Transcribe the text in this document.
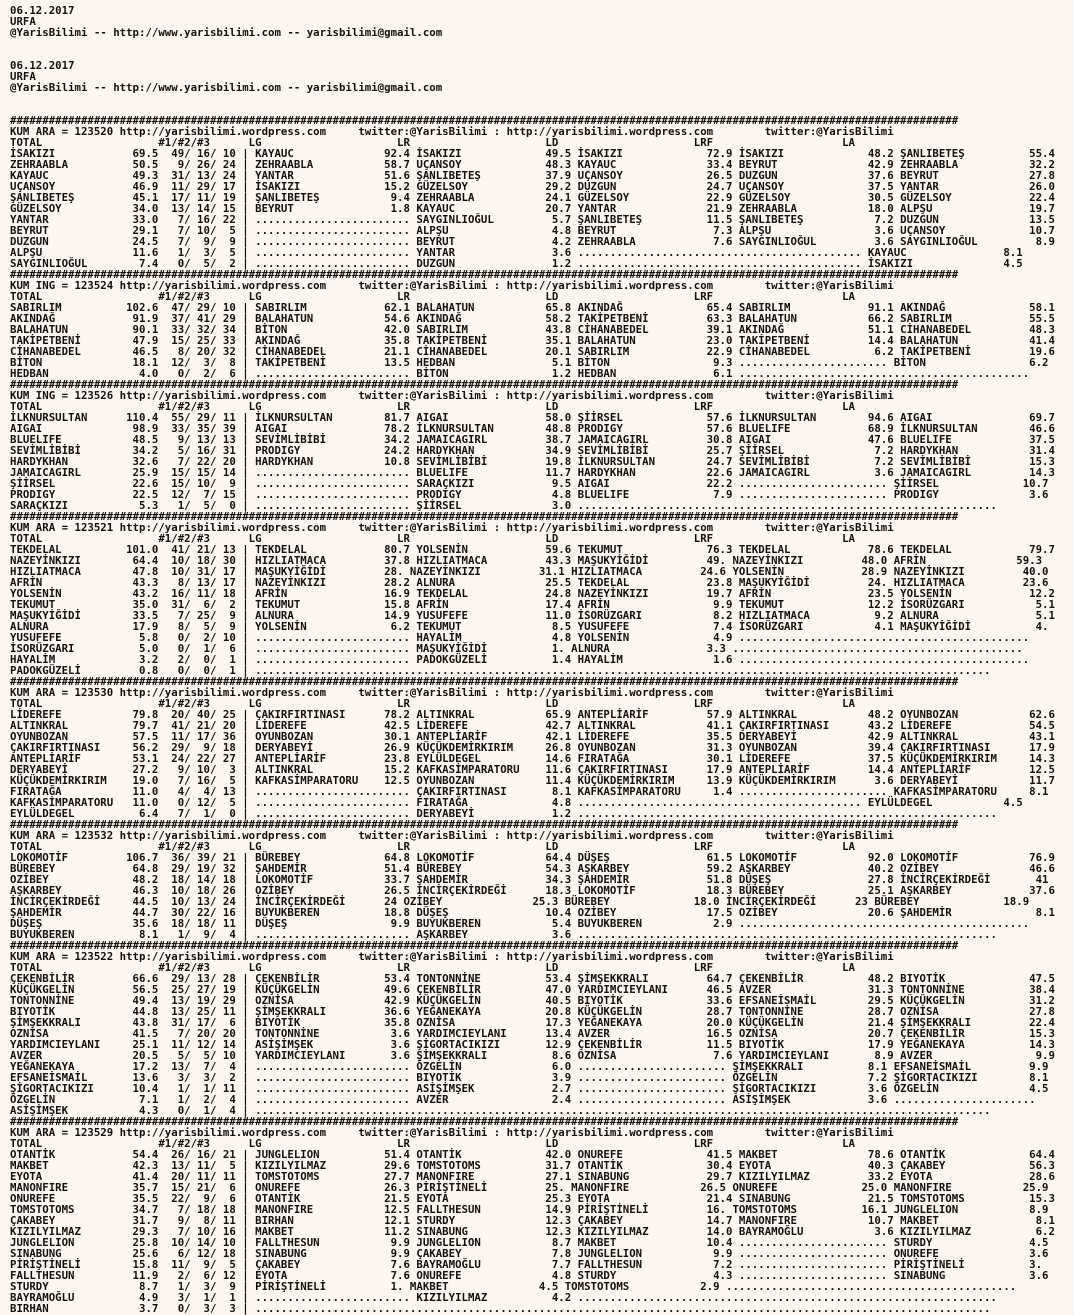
06.12.2017
URFA
@YarisBilimi -- http://www.yarisbilimi.com -- yarisbilimi@gmail.com

06.12.2017
URFA
@YarisBilimi -- http://www.yarisbilimi.com -- yarisbilimi@gmail.com

###################################################################################################################################################
KUM ARA = 123520 http://yarisbilimi.wordpress.com     twitter:@YarisBilimi : http://yarisbilimi.wordpress.com        twitter:@YarisBilimi
TOTAL                  #1/#2/#3      LG                     LR                     LD                     LRF                    LA
İSAKIZI            69.5  49/ 16/ 10 | KAYAUC              92.4 İSAKIZI             49.5 İSAKIZI             72.9 İSAKIZI             48.2 ŞANLIBETEŞ          55.4
ZEHRAABLA          50.5   9/ 26/ 24 | ZEHRAABLA           58.7 UÇANSOY             48.3 KAYAUC              33.4 BEYRUT              42.9 ZEHRAABLA           32.2
KAYAUC             49.3  31/ 13/ 24 | YANTAR              51.6 ŞANLIBETEŞ          37.9 UÇANSOY             26.5 DUZGUN              37.6 BEYRUT              27.8
UÇANSOY            46.9  11/ 29/ 17 | İSAKIZI             15.2 GÜZELSOY            29.2 DUZGUN              24.7 UÇANSOY             37.5 YANTAR              26.0
ŞANLIBETEŞ         45.1  17/ 11/ 19 | ŞANLIBETEŞ           9.4 ZEHRAABLA           24.1 GÜZELSOY            22.9 GÜZELSOY            30.5 GÜZELSOY            22.4
GÜZELSOY           34.0  13/ 14/ 15 | BEYRUT               1.8 KAYAUC              20.7 YANTAR              21.9 ZEHRAABLA           18.0 ALPŞU               19.7
YANTAR             33.0   7/ 16/ 22 | ........................ SAYGINLIOĞUL         5.7 ŞANLIBETEŞ          11.5 ŞANLIBETEŞ           7.2 DUZGUN              13.5
BEYRUT             29.1   7/ 10/  5 | ........................ ALPŞU                4.8 BEYRUT               7.3 ALPŞU                3.6 UÇANSOY             10.7
DUZGUN             24.5   7/  9/  9 | ........................ BEYRUT               4.2 ZEHRAABLA            7.6 SAYGINLIOĞUL         3.6 SAYGINLIOĞUL         8.9
ALPŞU              11.6   1/  3/  5 | ........................ YANTAR               3.6 ............................................ KAYAUC               8.1
SAYGINLIOĞUL        7.4   0/  5/  2 | ........................ DUZGUN               1.2 ............................................ İSAKIZI              4.5
###################################################################################################################################################
KUM ING = 123524 http://yarisbilimi.wordpress.com     twitter:@YarisBilimi : http://yarisbilimi.wordpress.com        twitter:@YarisBilimi
TOTAL                  #1/#2/#3      LG                     LR                     LD                     LRF                    LA
SABIRLIM          102.6  47/ 29/ 10 | SABIRLIM            62.1 BALAHATUN           65.8 AKINDAĞ             65.4 SABIRLIM            91.1 AKINDAĞ             58.1
AKINDAĞ            91.9  37/ 41/ 29 | BALAHATUN           54.6 AKINDAĞ             58.2 TAKİPETBENİ         63.3 BALAHATUN           66.2 SABIRLIM            55.5
BALAHATUN          90.1  33/ 32/ 34 | BİTON               42.0 SABIRLIM            43.8 CİHANABEDEL         39.1 AKINDAĞ             51.1 CİHANABEDEL         48.3
TAKİPETBENİ        47.9  15/ 25/ 33 | AKINDAĞ             35.8 TAKİPETBENİ         35.1 BALAHATUN           23.0 TAKİPETBENİ         14.4 BALAHATUN           41.4
CİHANABEDEL        46.5   8/ 20/ 32 | CİHANABEDEL         21.1 CİHANABEDEL         20.1 SABIRLIM            22.9 CİHANABEDEL          6.2 TAKİPETBENİ         19.6
BİTON              18.1  12/  3/  8 | TAKİPETBENİ         13.5 HEDBAN               5.1 BİTON                9.3 ....................... BİTON                6.2
HEDBAN              4.0   0/  2/  6 | ........................ BİTON                1.2 HEDBAN               6.1 .............................................
###################################################################################################################################################
KUM ING = 123526 http://yarisbilimi.wordpress.com     twitter:@YarisBilimi : http://yarisbilimi.wordpress.com        twitter:@YarisBilimi
TOTAL                  #1/#2/#3      LG                     LR                     LD                     LRF                    LA
İLKNURSULTAN      110.4  55/ 29/ 11 | İLKNURSULTAN        81.7 AIGAI               58.0 ŞİİRSEL             57.6 İLKNURSULTAN        94.6 AIGAI               69.7
AIGAI              98.9  33/ 35/ 39 | AIGAI               78.2 İLKNURSULTAN        48.8 PRODIGY             57.6 BLUELIFE            68.9 İLKNURSULTAN        46.6
BLUELIFE           48.5   9/ 13/ 13 | SEVİMLİBİBİ         34.2 JAMAICAGIRL         38.7 JAMAICAGIRL         30.8 AIGAI               47.6 BLUELIFE            37.5
SEVİMLİBİBİ        34.2   5/ 16/ 31 | PRODIGY             24.2 HARDYKHAN           34.9 SEVİMLİBİBİ         25.7 ŞİİRSEL              7.2 HARDYKHAN           31.4
HARDYKHAN          32.6   7/ 22/ 20 | HARDYKHAN           10.8 SEVİMLİBİBİ         19.8 İLKNURSULTAN        24.7 SEVİMLİBİBİ          7.2 SEVİMLİBİBİ         15.3
JAMAICAGIRL        25.9  15/ 15/ 14 | ........................ BLUELIFE            11.7 HARDYKHAN           22.6 JAMAICAGIRL          3.6 JAMAICAGIRL         14.3
ŞİİRSEL            22.6  15/ 10/  9 | ........................ SARAÇKIZI            9.5 AIGAI               22.2 ....................... ŞİİRSEL             10.7
PRODIGY            22.5  12/  7/ 15 | ........................ PRODIGY              4.8 BLUELIFE             7.9 ....................... PRODIGY              3.6
SARAÇKIZI           5.3   1/  5/  0 | ........................ ŞİİRSEL              3.0 .................................................................
###################################################################################################################################################
KUM ARA = 123521 http://yarisbilimi.wordpress.com     twitter:@YarisBilimi : http://yarisbilimi.wordpress.com        twitter:@YarisBilimi
TOTAL                  #1/#2/#3      LG                     LR                     LD                     LRF                    LA
TEKDELAL          101.0  41/ 21/ 13 | TEKDELAL            80.7 YOLSENİN            59.6 TEKUMUT             76.3 TEKDELAL            78.6 TEKDELAL            79.7
NAZEYİNKIZI        64.4  10/ 18/ 30 | HIZLIATMACA         37.8 HIZLIATMACA         43.3 MAŞUKYİĞİDİ         49. NAZEYİNKIZI         48.0 AFRİN              59.3
HIZLIATMACA        47.8  10/ 31/ 17 | MAŞUKYİĞİDİ         28. NAZEYİNKIZI         31.1 HIZLIATMACA         24.6 YOLSENİN            28.9 NAZEYİNKIZI         40.0
AFRİN              43.3   8/ 13/ 17 | NAZEYİNKIZI         28.2 ALNURA              25.5 TEKDELAL            23.8 MAŞUKYİĞİDİ         24. HIZLIATMACA         23.6
YOLSENİN           43.2  16/ 11/ 18 | AFRİN               16.9 TEKDELAL            24.8 NAZEYİNKIZI         19.7 AFRİN               23.5 YOLSENİN            12.2
TEKUMUT            35.0  31/  6/  2 | TEKUMUT             15.8 AFRİN               17.4 AFRİN                9.9 TEKUMUT             12.2 İSORÜZGARI           5.1
MAŞUKYİĞİDİ        33.5   7/ 25/  9 | ALNURA              14.9 YUSUFEFE            11.0 İSORÜZGARI           8.2 HIZLIATMACA          9.2 ALNURA               5.1
ALNURA             17.9   8/  5/  9 | YOLSENİN             6.2 TEKUMUT              8.5 YUSUFEFE             7.4 İSORÜZGARI           4.1 MAŞUKYİĞİDİ          4.
YUSUFEFE            5.8   0/  2/ 10 | ........................ HAYALİM              4.8 YOLSENİN             4.9 .............................................
İSORÜZGARI          5.0   0/  1/  6 | ........................ MAŞUKYİĞİDİ          1. ALNURA               3.3 .............................................
HAYALİM             3.2   2/  0/  1 | ........................ PADOKGÜZELİ          1.4 HAYALİM              1.6 .............................................
PADOKGÜZELİ         0.8   0/  0/  1 | ..................................................................................................................
###################################################################################################################################################
KUM ARA = 123530 http://yarisbilimi.wordpress.com     twitter:@YarisBilimi : http://yarisbilimi.wordpress.com        twitter:@YarisBilimi
TOTAL                  #1/#2/#3      LG                     LR                     LD                     LRF                    LA
LİDEREFE           79.8  20/ 40/ 25 | ÇAKIRFIRTINASI      78.2 ALTINKRAL           65.9 ANTEPLİARİF         57.9 ALTINKRAL           48.2 OYUNBOZAN           62.6
ALTINKRAL          79.7  41/ 21/ 20 | LİDEREFE            42.5 LİDEREFE            42.7 ALTINKRAL           41.1 ÇAKIRFIRTINASI      43.2 LİDEREFE            54.5
OYUNBOZAN          57.5  11/ 17/ 36 | OYUNBOZAN           30.1 ANTEPLİARİF         42.1 LİDEREFE            35.5 DERYABEYİ           42.9 ALTINKRAL           43.1
ÇAKIRFIRTINASI     56.2  29/  9/ 18 | DERYABEYİ           26.9 KÜÇÜKDEMİRKIRIM     26.8 OYUNBOZAN           31.3 OYUNBOZAN           39.4 ÇAKIRFIRTINASI      17.9
ANTEPLİARİF        53.1  24/ 22/ 27 | ANTEPLİARİF         23.8 EYLÜLDEGEL          14.6 FIRATAĞA            30.1 LİDEREFE            37.5 KÜÇÜKDEMİRKIRIM     14.3
DERYABEYİ          27.2   9/ 10/  3 | ALTINKRAL           15.2 KAFKASİMPARATORU    11.6 ÇAKIRFIRTINASI      17.9 ANTEPLİARİF         14.4 ANTEPLİARİF         12.5
KÜÇÜKDEMİRKIRIM    19.0   7/ 16/  5 | KAFKASİMPARATORU    12.5 OYUNBOZAN           11.4 KÜÇÜKDEMİRKIRIM     13.9 KÜÇÜKDEMİRKIRIM      3.6 DERYABEYİ           11.7
FIRATAĞA           11.0   4/  4/ 13 | ........................ ÇAKIRFIRTINASI       8.1 KAFKASİMPARATORU     1.4 ....................... KAFKASİMPARATORU     8.1
KAFKASİMPARATORU   11.0   0/ 12/  5 | ........................ FIRATAĞA             4.8 ............................................ EYLÜLDEGEL           4.5
EYLÜLDEGEL          6.4   7/  1/  0 | ........................ DERYABEYİ            1.2 .................................................................
###################################################################################################################################################
KUM ARA = 123532 http://yarisbilimi.wordpress.com     twitter:@YarisBilimi : http://yarisbilimi.wordpress.com        twitter:@YarisBilimi
TOTAL                  #1/#2/#3      LG                     LR                     LD                     LRF                    LA
LOKOMOTİF         106.7  36/ 39/ 21 | BÜREBEY             64.8 LOKOMOTİF           64.4 DÜŞEŞ               61.5 LOKOMOTİF           92.0 LOKOMOTİF           76.9
BÜREBEY            64.8  29/ 19/ 32 | ŞAHDEMİR            51.4 BÜREBEY             54.3 AŞKARBEY            59.2 AŞKARBEY            40.2 OZİBEY              46.6
OZİBEY             48.2  18/ 14/ 18 | LOKOMOTİF           33.7 ŞAHDEMİR            34.3 ŞAHDEMİR            51.8 DÜŞEŞ               27.8 İNCİRÇEKİRDEĞİ       41
AŞKARBEY           46.3  10/ 18/ 26 | OZİBEY              26.5 İNCİRÇEKİRDEĞİ      18.3 LOKOMOTİF           18.3 BÜREBEY             25.1 AŞKARBEY            37.6
İNCİRÇEKİRDEĞİ     44.5  10/ 13/ 24 | İNCİRÇEKİRDEĞİ      24 OZİBEY              25.3 BÜREBEY             18.0 İNCİRÇEKİRDEĞİ      23 BÜREBEY             18.9
ŞAHDEMİR           44.7  30/ 22/ 16 | BUYUKBEREN          18.8 DÜŞEŞ               10.4 OZİBEY              17.5 OZİBEY              20.6 ŞAHDEMİR             8.1
DÜŞEŞ              35.6  18/ 18/ 11 | DÜŞEŞ                9.9 BUYUKBEREN           5.4 BUYUKBEREN           2.9 .............................................
BUYUKBEREN          8.1   1/  9/  4 | ........................ AŞKARBEY             3.6 .................................................................
###################################################################################################################################################
KUM ARA = 123522 http://yarisbilimi.wordpress.com     twitter:@YarisBilimi : http://yarisbilimi.wordpress.com        twitter:@YarisBilimi
TOTAL                  #1/#2/#3      LG                     LR                     LD                     LRF                    LA
ÇEKENBİLİR         66.6  29/ 13/ 28 | ÇEKENBİLİR          53.4 TONTONNİNE          53.4 ŞİMŞEKKRALI         64.7 ÇEKENBİLİR          48.2 BIYOTİK             47.5
KÜÇÜKGELİN         56.5  25/ 27/ 19 | KÜÇÜKGELİN          49.6 ÇEKENBİLİR          47.0 YARDIMCIEYLANI      46.5 AVZER               31.3 TONTONNİNE          38.4
TONTONNİNE         49.4  13/ 19/ 29 | OZNİSA              42.9 KÜÇÜKGELİN          40.5 BIYOTİK             33.6 EFSANEİSMAİL        29.5 KÜÇÜKGELİN          31.2
BIYOTİK            44.8  13/ 25/ 11 | ŞİMŞEKKRALI         36.6 YEĞANEKAYA          20.8 KÜÇÜKGELİN          28.7 TONTONNİNE          28.7 OZNİSA              27.8
ŞİMŞEKKRALI        43.8  31/ 17/  6 | BIYOTİK             35.8 OZNİSA              17.3 YEĞANEKAYA          20.0 KÜÇÜKGELİN          21.4 ŞİMŞEKKRALI         22.4
OZNİSA             41.5   7/ 20/ 20 | TONTONNİNE           3.6 YARDIMCIEYLANI      13.4 AVZER               16.5 OZNİSA              20.7 ÇEKENBİLİR          15.3
YARDIMCIEYLANI     25.1  11/ 12/ 14 | ASİŞİMŞEK            3.6 ŞİGORTACIKIZI       12.9 ÇEKENBİLİR          11.5 BIYOTİK             17.9 YEĞANEKAYA          14.3
AVZER              20.5   5/  5/ 10 | YARDIMCIEYLANI       3.6 ŞİMŞEKKRALI          8.6 OZNİSA               7.6 YARDIMCIEYLANI       8.9 AVZER                9.9
YEĞANEKAYA         17.2  13/  7/  4 | ........................ ÖZGELİN              6.0 ....................... ŞİMŞEKKRALI          8.1 EFSANEİSMAİL         9.9
EFSANEİSMAİL       13.6   3/  3/  2 | ........................ BIYOTİK              3.9 ....................... ÖZGELİN              7.2 ŞİGORTACIKIZI        8.1
ŞİGORTACIKIZI      10.4   1/  1/ 11 | ........................ ASİŞİMŞEK            2.7 ....................... ŞİGORTACIKIZI        3.6 ÖZGELİN              4.5
ÖZGELİN             7.1   1/  2/  4 | ........................ AVZER                2.4 ....................... ASİŞİMŞEK            3.6 ......................
ASİŞİMŞEK           4.3   0/  1/  4 | ..................................................................................................................
###################################################################################################################################################
KUM ARA = 123529 http://yarisbilimi.wordpress.com     twitter:@YarisBilimi : http://yarisbilimi.wordpress.com        twitter:@YarisBilimi
TOTAL                  #1/#2/#3      LG                     LR                     LD                     LRF                    LA
OTANTİK            54.4  26/ 16/ 21 | JUNGLELION          51.4 OTANTİK             42.0 ONUREFE             41.5 MAKBET              78.6 OTANTİK             64.4
MAKBET             42.3  13/ 11/  5 | KIZILYILMAZ         29.6 TOMSTOTOMS          31.7 OTANTİK             30.4 EYOTA               40.3 ÇAKABEY             56.3
EYOTA              41.4  20/ 11/ 11 | TOMSTOTOMS          27.7 MANONFIRE           27.1 SINABUNG            29.7 KIZILYILMAZ         33.2 EYOTA               28.6
MANONFIRE          35.7  15/ 21/  6 | ONUREFE             26.3 PİRİŞTİNELİ         25. MANONFIRE           26.5 ONUREFE             25.0 MANONFIRE           25.9
ONUREFE            35.5  22/  9/  6 | OTANTİK             21.5 EYOTA               25.3 EYOTA               21.4 SINABUNG            21.5 TOMSTOTOMS          15.3
TOMSTOTOMS         34.7   7/ 18/ 18 | MANONFIRE           12.5 FALLTHESUN          14.9 PİRİŞTİNELİ         16. TOMSTOTOMS          16.1 JUNGLELION           8.9
ÇAKABEY            31.7   9/  8/ 11 | BIRHAN              12.1 STURDY              12.3 ÇAKABEY             14.7 MANONFIRE           10.7 MAKBET               8.1
KIZILYILMAZ        29.3   7/ 10/ 16 | MAKBET              11.2 SINABUNG            12.3 KIZILYILMAZ         14.0 BAYRAMOĞLU           3.6 KIZILYILMAZ          6.2
JUNGLELION         25.8  10/ 14/ 10 | FALLTHESUN           9.9 JUNGLELION           8.7 MAKBET              10.4 ....................... STURDY               4.5
SINABUNG           25.6   6/ 12/ 18 | SINABUNG             9.9 ÇAKABEY              7.8 JUNGLELION           9.9 ....................... ONUREFE              3.6
PİRİŞTİNELİ        15.8  11/  9/  5 | ÇAKABEY              7.6 BAYRAMOĞLU           7.7 FALLTHESUN           7.2 ....................... PİRİŞTİNELİ          3.
FALLTHESUN         11.9   2/  6/ 12 | EYOTA                7.6 ONUREFE              4.8 STURDY               4.3 ....................... SINABUNG             3.6
STURDY              8.7   1/  3/  9 | PİRİŞTİNELİ          1. MAKBET              4.5 TOMSTOTOMS           2.9 .............................................
BAYRAMOĞLU          4.9   3/  1/  1 | ........................ KIZILYILMAZ          4.2 .................................................................
BIRHAN              3.7   0/  3/  3 | ..................................................................................................................
